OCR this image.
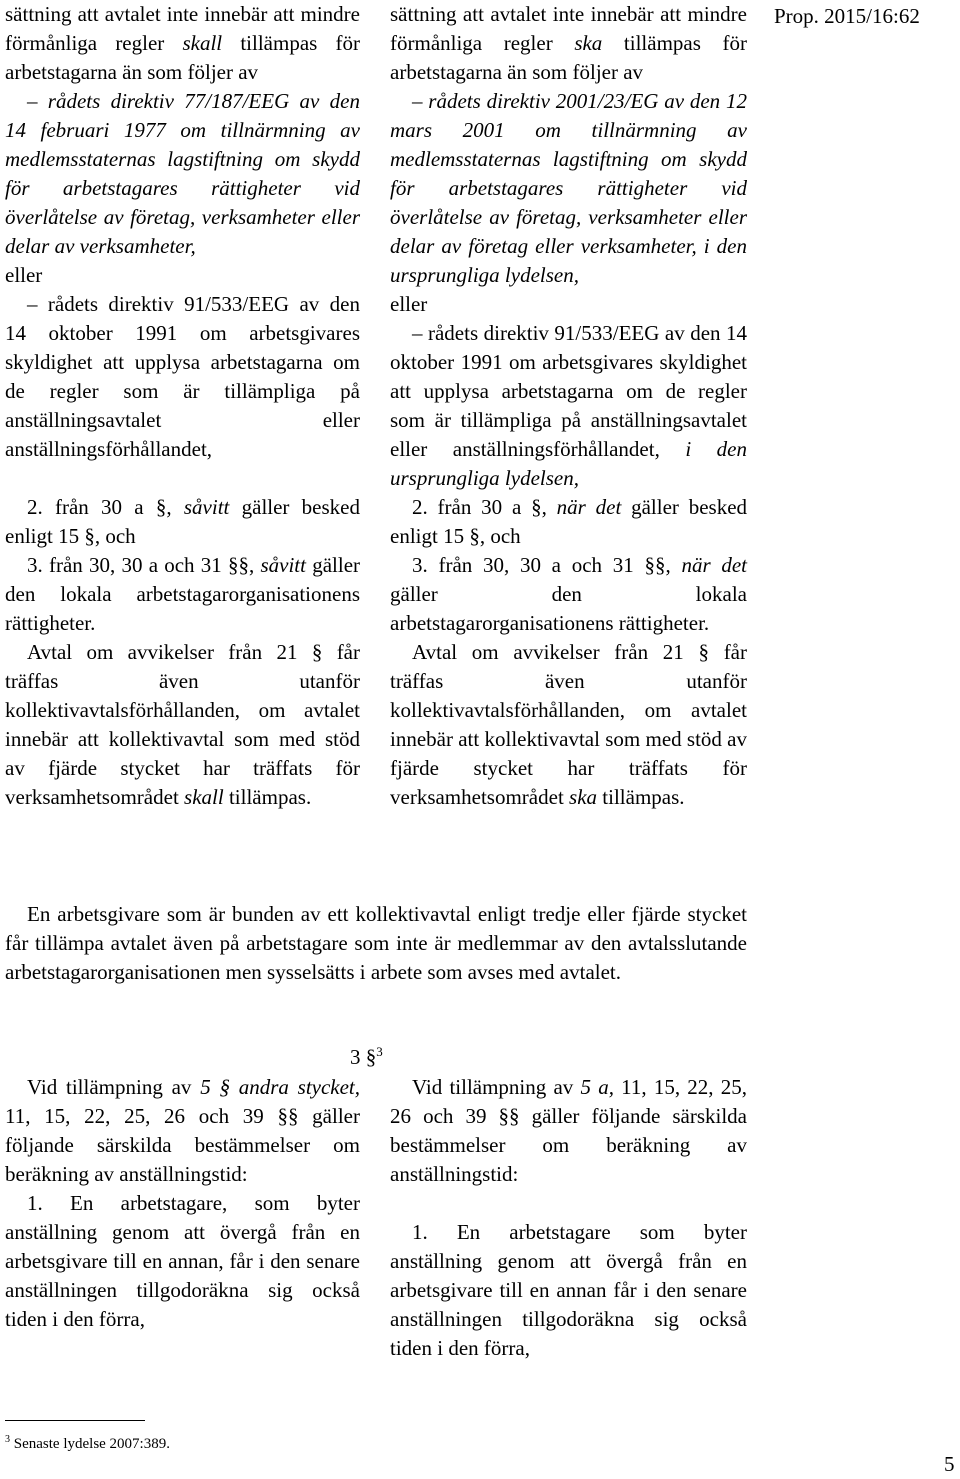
Prop. 2015/16:62

sättning att avtalet inte innebär att mindre förmånliga regler skall tillämpas för arbetstagarna än som följer av

– rådets direktiv 77/187/EEG av den 14 februari 1977 om tillnärmning av medlemsstaternas lagstiftning om skydd för arbetstagares rättigheter vid överlåtelse av företag, verksamheter eller delar av verksamheter,

eller

– rådets direktiv 91/533/EEG av den 14 oktober 1991 om arbetsgivares skyldighet att upplysa arbetstagarna om de regler som är tillämpliga på anställningsavtalet eller anställningsförhållandet,

2. från 30 a §, såvitt gäller besked enligt 15 §, och

3. från 30, 30 a och 31 §§, såvitt gäller den lokala arbetstagarorganisationens rättigheter.

Avtal om avvikelser från 21 § får träffas även utanför kollektivavtalsförhållanden, om avtalet innebär att kollektivavtal som med stöd av fjärde stycket har träffats för verksamhetsområdet skall tillämpas.

sättning att avtalet inte innebär att mindre förmånliga regler ska tillämpas för arbetstagarna än som följer av

– rådets direktiv 2001/23/EG av den 12 mars 2001 om tillnärmning av medlemsstaternas lagstiftning om skydd för arbetstagares rättigheter vid överlåtelse av företag, verksamheter eller delar av företag eller verksamheter, i den ursprungliga lydelsen,

eller

– rådets direktiv 91/533/EEG av den 14 oktober 1991 om arbetsgivares skyldighet att upplysa arbetstagarna om de regler som är tillämpliga på anställningsavtalet eller anställningsförhållandet, i den ursprungliga lydelsen,

2. från 30 a §, när det gäller besked enligt 15 §, och

3. från 30, 30 a och 31 §§, när det gäller den lokala arbetstagarorganisationens rättigheter.

Avtal om avvikelser från 21 § får träffas även utanför kollektivavtalsförhållanden, om avtalet innebär att kollektivavtal som med stöd av fjärde stycket har träffats för verksamhetsområdet ska tillämpas.

En arbetsgivare som är bunden av ett kollektivavtal enligt tredje eller fjärde stycket får tillämpa avtalet även på arbetstagare som inte är medlemmar av den avtalsslutande arbetstagarorganisationen men sysselsätts i arbete som avses med avtalet.

3 §$^3$

Vid tillämpning av 5 § andra stycket, 11, 15, 22, 25, 26 och 39 §§ gäller följande särskilda bestämmelser om beräkning av anställningstid:

1. En arbetstagare, som byter anställning genom att övergå från en arbetsgivare till en annan, får i den senare anställningen tillgodoräkna sig också tiden i den förra,

Vid tillämpning av 5 a, 11, 15, 22, 25, 26 och 39 §§ gäller följande särskilda bestämmelser om beräkning av anställningstid:

1. En arbetstagare som byter anställning genom att övergå från en arbetsgivare till en annan får i den senare anställningen tillgodoräkna sig också tiden i den förra,

$^3$ Senaste lydelse 2007:389.
5
